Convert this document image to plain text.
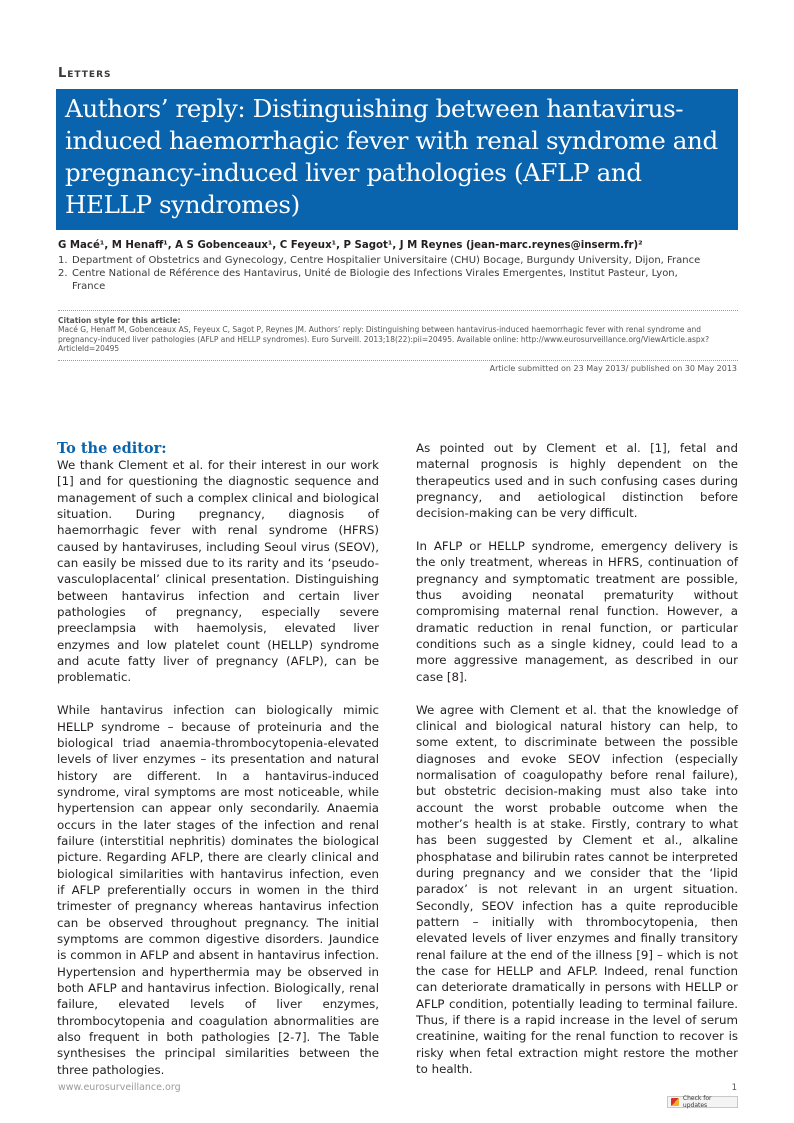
Letters
Authors’ reply: Distinguishing between hantavirus-induced haemorrhagic fever with renal syndrome and pregnancy-induced liver pathologies (AFLP and HELLP syndromes)
G Macé¹, M Henaff¹, A S Gobenceaux¹, C Feyeux¹, P Sagot¹, J M Reynes (jean-marc.reynes@inserm.fr)²
1. Department of Obstetrics and Gynecology, Centre Hospitalier Universitaire (CHU) Bocage, Burgundy University, Dijon, France
2. Centre National de Référence des Hantavirus, Unité de Biologie des Infections Virales Emergentes, Institut Pasteur, Lyon,
France
Citation style for this article:
Macé G, Henaff M, Gobenceaux AS, Feyeux C, Sagot P, Reynes JM. Authors’ reply: Distinguishing between hantavirus-induced haemorrhagic fever with renal syndrome and pregnancy-induced liver pathologies (AFLP and HELLP syndromes). Euro Surveill. 2013;18(22):pii=20495. Available online: http://www.eurosurveillance.org/ViewArticle.aspx?ArticleId=20495
Article submitted on 23 May 2013/ published on 30 May 2013
To the editor:

We thank Clement et al. for their interest in our work [1] and for questioning the diagnostic sequence and management of such a complex clinical and biological situation. During pregnancy, diagnosis of haemorrhagic fever with renal syndrome (HFRS) caused by hantaviruses, including Seoul virus (SEOV), can easily be missed due to its rarity and its ‘pseudo-vasculoplacental’ clinical presentation. Distinguishing between hantavirus infection and certain liver pathologies of pregnancy, especially severe preeclampsia with haemolysis, elevated liver enzymes and low platelet count (HELLP) syndrome and acute fatty liver of pregnancy (AFLP), can be problematic.

While hantavirus infection can biologically mimic HELLP syndrome – because of proteinuria and the biological triad anaemia-thrombocytopenia-elevated levels of liver enzymes – its presentation and natural history are different. In a hantavirus-induced syndrome, viral symptoms are most noticeable, while hypertension can appear only secondarily. Anaemia occurs in the later stages of the infection and renal failure (interstitial nephritis) dominates the biological picture. Regarding AFLP, there are clearly clinical and biological similarities with hantavirus infection, even if AFLP preferentially occurs in women in the third trimester of pregnancy whereas hantavirus infection can be observed throughout pregnancy. The initial symptoms are common digestive disorders. Jaundice is common in AFLP and absent in hantavirus infection. Hypertension and hyperthermia may be observed in both AFLP and hantavirus infection. Biologically, renal failure, elevated levels of liver enzymes, thrombocytopenia and coagulation abnormalities are also frequent in both pathologies [2-7]. The Table synthesises the principal similarities between the three pathologies.

As pointed out by Clement et al. [1], fetal and maternal prognosis is highly dependent on the therapeutics used and in such confusing cases during pregnancy, and aetiological distinction before decision-making can be very difficult.

In AFLP or HELLP syndrome, emergency delivery is the only treatment, whereas in HFRS, continuation of pregnancy and symptomatic treatment are possible, thus avoiding neonatal prematurity without compromising maternal renal function. However, a dramatic reduction in renal function, or particular conditions such as a single kidney, could lead to a more aggressive management, as described in our case [8].

We agree with Clement et al. that the knowledge of clinical and biological natural history can help, to some extent, to discriminate between the possible diagnoses and evoke SEOV infection (especially normalisation of coagulopathy before renal failure), but obstetric decision-making must also take into account the worst probable outcome when the mother’s health is at stake. Firstly, contrary to what has been suggested by Clement et al., alkaline phosphatase and bilirubin rates cannot be interpreted during pregnancy and we consider that the ‘lipid paradox’ is not relevant in an urgent situation. Secondly, SEOV infection has a quite reproducible pattern – initially with thrombocytopenia, then elevated levels of liver enzymes and finally transitory renal failure at the end of the illness [9] – which is not the case for HELLP and AFLP. Indeed, renal function can deteriorate dramatically in persons with HELLP or AFLP condition, potentially leading to terminal failure. Thus, if there is a rapid increase in the level of serum creatinine, waiting for the renal function to recover is risky when fetal extraction might restore the mother to health.

www.eurosurveillance.org	1
Check for updates
